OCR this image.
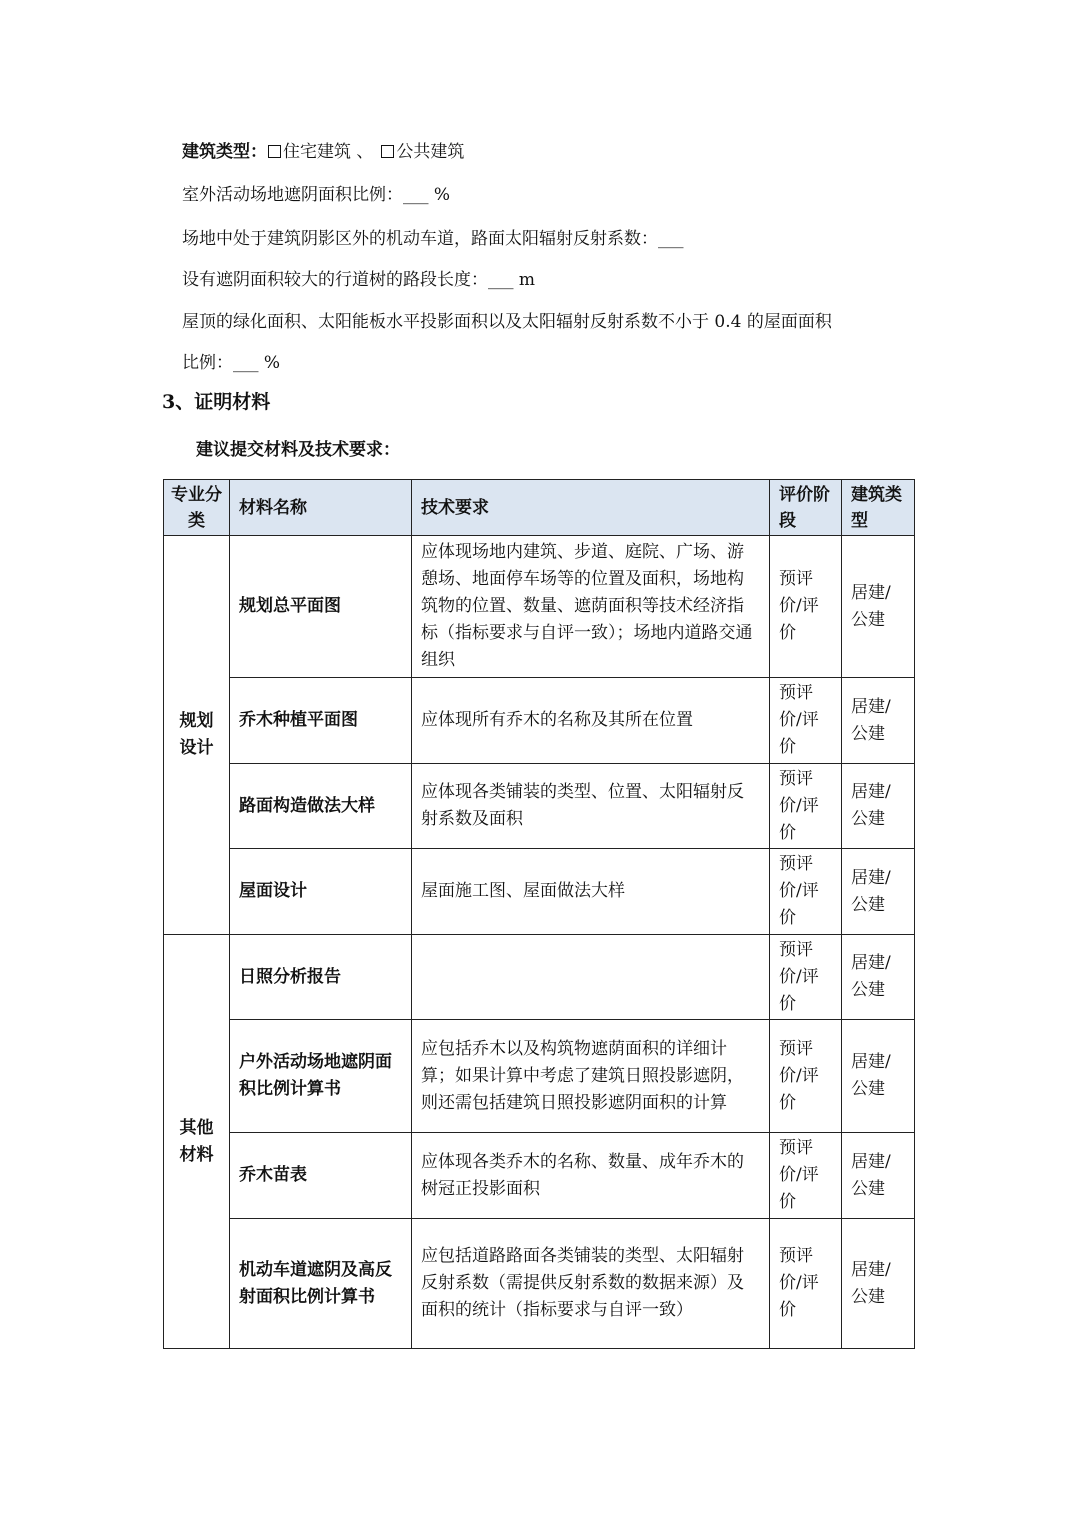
建筑类型： 住宅建筑 、 公共建筑
室外活动场地遮阴面积比例：___ %
场地中处于建筑阴影区外的机动车道，路面太阳辐射反射系数：___
设有遮阴面积较大的行道树的路段长度：___ m
屋顶的绿化面积、太阳能板水平投影面积以及太阳辐射反射系数不小于 0.4 的屋面面积
比例：___ %
3、证明材料
建议提交材料及技术要求：
专业分类	材料名称	技术要求	评价阶段	建筑类型
规划设计	规划总平面图	应体现场地内建筑、步道、庭院、广场、游憩场、地面停车场等的位置及面积，场地构筑物的位置、数量、遮荫面积等技术经济指标（指标要求与自评一致）；场地内道路交通组织	预评价/评价	居建/公建
	乔木种植平面图	应体现所有乔木的名称及其所在位置	预评价/评价	居建/公建
	路面构造做法大样	应体现各类铺装的类型、位置、太阳辐射反射系数及面积	预评价/评价	居建/公建
	屋面设计	屋面施工图、屋面做法大样	预评价/评价	居建/公建
其他材料	日照分析报告		预评价/评价	居建/公建
	户外活动场地遮阴面积比例计算书	应包括乔木以及构筑物遮荫面积的详细计算；如果计算中考虑了建筑日照投影遮阴，则还需包括建筑日照投影遮阴面积的计算	预评价/评价	居建/公建
	乔木苗表	应体现各类乔木的名称、数量、成年乔木的树冠正投影面积	预评价/评价	居建/公建
	机动车道遮阴及高反射面积比例计算书	应包括道路路面各类铺装的类型、太阳辐射反射系数（需提供反射系数的数据来源）及面积的统计（指标要求与自评一致）	预评价/评价	居建/公建
